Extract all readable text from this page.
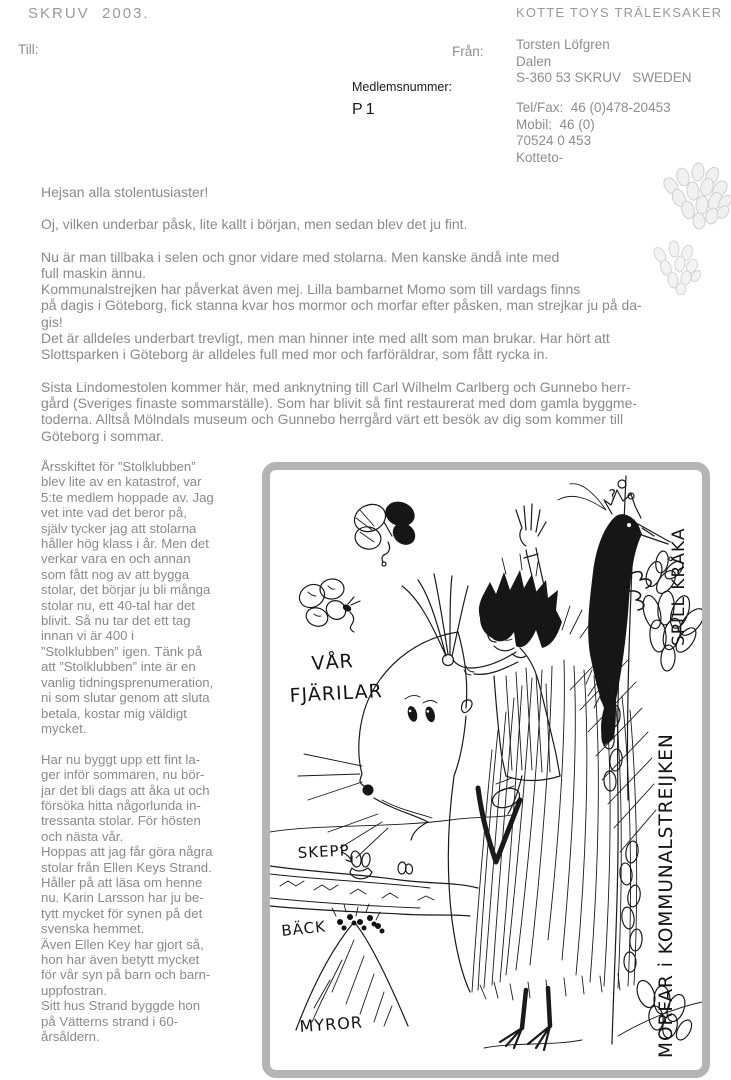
SKRUV  2003.	KOTTE TOYS TRÄLEKSAKER
Till:	Från:
Medlemsnummer:
P1
Torsten Löfgren
Dalen
S-360 53 SKRUV   SWEDEN
Tel/Fax:  46 (0)478-20453
Mobil:  46 (0)
70524 0 453
Kotteto-
Hejsan alla stolentusiaster!
Oj, vilken underbar påsk, lite kallt i början, men sedan blev det ju fint.
Nu är man tillbaka i selen och gnor vidare med stolarna. Men kanske ändå inte med
full maskin ännu.
Kommunalstrejken har påverkat även mej. Lilla bambarnet Momo som till vardags finns
på dagis i Göteborg, fick stanna kvar hos mormor och morfar efter påsken, man strejkar ju på da-
gis!
Det är alldeles underbart trevligt, men man hinner inte med allt som man brukar. Har hört att
Slottsparken i Göteborg är alldeles full med mor och farföräldrar, som fått rycka in.
Sista Lindomestolen kommer här, med anknytning till Carl Wilhelm Carlberg och Gunnebo herr-
gård (Sveriges finaste sommarställe). Som har blivit så fint restaurerat med dom gamla byggme-
toderna. Alltså Mölndals museum och Gunnebo herrgård värt ett besök av dig som kommer till
Göteborg i sommar.
Årsskiftet för ”Stolklubben”
blev lite av en katastrof, var
5:te medlem hoppade av. Jag
vet inte vad det beror på,
själv tycker jag att stolarna
håller hög klass i år. Men det
verkar vara en och annan
som fått nog av att bygga
stolar, det börjar ju bli många
stolar nu, ett 40-tal har det
blivit. Så nu tar det ett tag
innan vi är 400 i
”Stolklubben” igen. Tänk på
att ”Stolklubben” inte är en
vanlig tidningsprenumeration,
ni som slutar genom att sluta
betala, kostar mig väldigt
mycket.

Har nu byggt upp ett fint la-
ger inför sommaren, nu bör-
jar det bli dags att åka ut och
försöka hitta någorlunda in-
tressanta stolar. För hösten
och nästa vår.
Hoppas att jag får göra några
stolar från Ellen Keys Strand.
Håller på att läsa om henne
nu. Karin Larsson har ju be-
tytt mycket för synen på det
svenska hemmet.
Även Ellen Key har gjort så,
hon har även betytt mycket
för vår syn på barn och barn-
uppfostran.
Sitt hus Strand byggde hon
på Vätterns strand i 60-
årsåldern.
VÅR
FJÄRILAR
?
SKEPP
BÄCK
MYROR
SPILL KRÅKA
MORFAR i KOMMUNALSTREIJKEN
